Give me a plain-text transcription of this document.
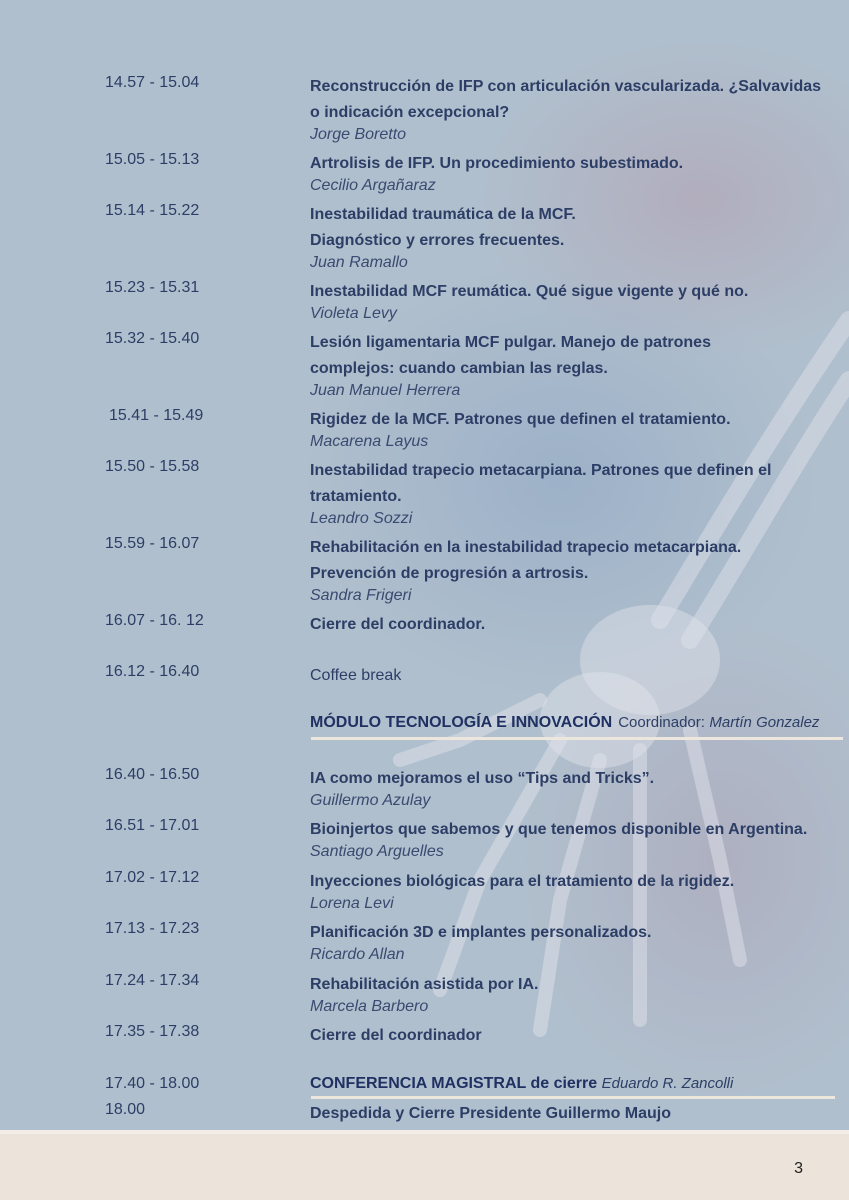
14.57 - 15.04	Reconstrucción de IFP con articulación vascularizada. ¿Salvavidas o indicación excepcional?
Jorge Boretto
15.05 - 15.13	Artrolisis de IFP. Un procedimiento subestimado.
Cecilio Argañaraz
15.14 - 15.22	Inestabilidad traumática de la MCF. Diagnóstico y errores frecuentes.
Juan Ramallo
15.23 - 15.31	Inestabilidad MCF reumática. Qué sigue vigente y qué no.
Violeta Levy
15.32 - 15.40	Lesión ligamentaria MCF pulgar. Manejo de patrones complejos: cuando cambian las reglas.
Juan Manuel Herrera
15.41 - 15.49	Rigidez de la MCF. Patrones que definen el tratamiento.
Macarena Layus
15.50 - 15.58	Inestabilidad trapecio metacarpiana. Patrones que definen el tratamiento.
Leandro Sozzi
15.59 - 16.07	Rehabilitación en la inestabilidad trapecio metacarpiana. Prevención de progresión a artrosis.
Sandra Frigeri
16.07 - 16. 12	Cierre del coordinador.
16.12 - 16.40	Coffee break
MÓDULO TECNOLOGÍA E INNOVACIÓN Coordinador: Martín Gonzalez
16.40 - 16.50	IA como mejoramos el uso “Tips and Tricks”.
Guillermo Azulay
16.51 - 17.01	Bioinjertos que sabemos y que tenemos disponible en Argentina.
Santiago Arguelles
17.02 - 17.12	Inyecciones biológicas para el tratamiento de la rigidez.
Lorena Levi
17.13 - 17.23	Planificación 3D e implantes personalizados.
Ricardo Allan
17.24 - 17.34	Rehabilitación asistida por IA.
Marcela Barbero
17.35 - 17.38	Cierre del coordinador
17.40 - 18.00	CONFERENCIA MAGISTRAL de cierre Eduardo R. Zancolli
18.00	Despedida y Cierre Presidente Guillermo Maujo
3
